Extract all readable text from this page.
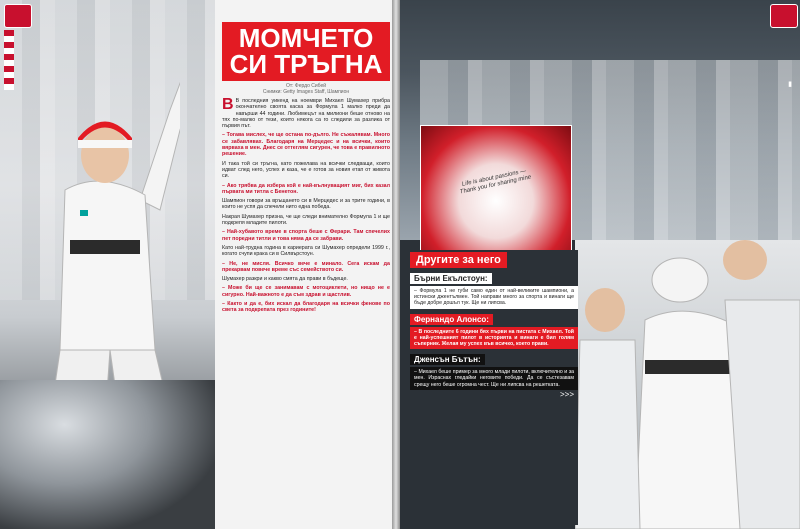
МОМЧЕТО
СИ ТРЪГНА
От: Фердо Сибей
Снимки: Getty Images Staff, Шампион

В В последния уикенд на ноември Михаел Шумахер прибра окончателно своята каска за Формула 1 малко преди да навърши 44 години. Любимецът на милиони беше отново на тях по-малко от тези, които някога са го следили за разлика от първия път.

– Тогава мислех, че ще остана по-дълго. Не съжалявам. Много се забавлявах. Благодаря на Мерцедес и на всички, които вярваха в мен. Днес се оттеглям сигурен, че това е правилното решение.

И така той си тръгна, като пожелава на всички следващи, които идват след него, успех и каза, че е готов за новия етап от живота си.

– Ако трябва да избера кой е най-вълнуващият миг, бих казал първата ми титла с Бенетон.

Шампион говори за връщането си в Мерцедес и за трите години, в които не успя да спечели нито една победа.

Накрая Шумахер призна, че ще следи внимателно Формула 1 и ще подкрепя младите пилоти.

– Най-хубавото време в спорта беше с Ферари. Там спечелих пет поредни титли и това няма да се забрави.

Като най-трудна година в кариерата си Шумахер определи 1999 г., когато счупи крака си в Силвърстоун.

– Не, не мисля. Всичко вече е минало. Сега искам да прекарвам повече време със семейството си.

Шумахер разкри и какво смята да прави в бъдеще.

– Може би ще се занимавам с мотоциклети, но нищо не е сигурно. Най-важното е да съм здрав и щастлив.

– Както и да е, бих искал да благодаря на всички фенове по света за подкрепата през годините!

▮
Life is about passions — Thank you for sharing mine
Другите за него
Бърни Екълстоун:
– Формула 1 не губи само един от най-великите шампиони, а истински джентълмен. Той направи много за спорта и винаги ще бъде добре дошъл тук. Ще ни липсва.
Фернандо Алонсо:
– В последните 6 години бях първи на пистата с Михаел. Той е най-успешният пилот в историята и винаги е бил голям съперник. Желая му успех във всичко, което прави.
Дженсън Бътън:
– Михаел беше пример за много млади пилоти, включително и за мен. Израснах гледайки неговите победи. Да се състезавам срещу него беше огромна чест. Ще ни липсва на решетката.
>>>
